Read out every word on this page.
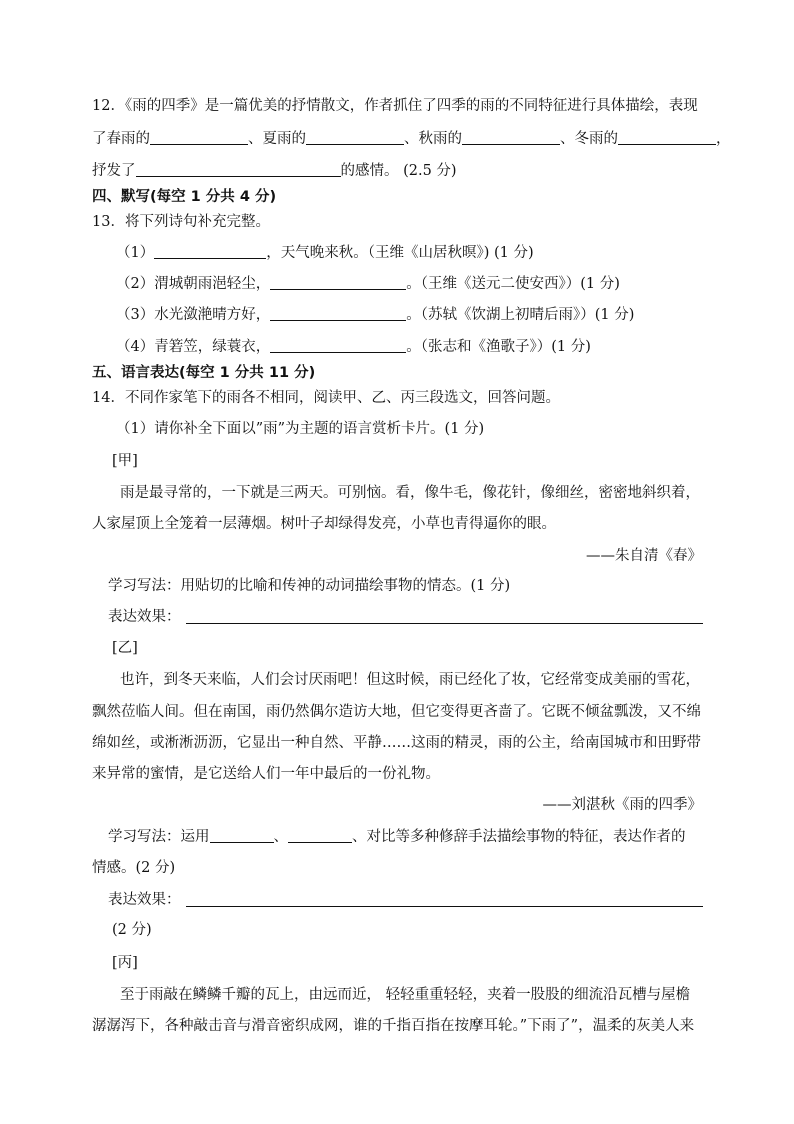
12．《雨的四季》是一篇优美的抒情散文，作者抓住了四季的雨的不同特征进行具体描绘，表现
了春雨的	、夏雨的	、秋雨的	、冬雨的	，
抒发了	的感情。 (2.5 分)
四、默写(每空 1 分共 4 分)
13．将下列诗句补充完整。
（1）	，天气晚来秋。（王维《山居秋暝》) (1 分)
（2）渭城朝雨浥轻尘，	。（王维《送元二使安西》）(1 分)
（3）水光潋滟晴方好，	。（苏轼《饮湖上初晴后雨》）(1 分)
（4）青箬笠，绿蓑衣，	。（张志和《渔歌子》）(1 分)
五、语言表达(每空 1 分共 11 分)
14．不同作家笔下的雨各不相同，阅读甲、乙、丙三段选文，回答问题。
（1）请你补全下面以”雨”为主题的语言赏析卡片。(1 分)
[甲]
雨是最寻常的，一下就是三两天。可别恼。看，像牛毛，像花针，像细丝，密密地斜织着，
人家屋顶上全笼着一层薄烟。树叶子却绿得发亮，小草也青得逼你的眼。
——朱自清《春》
学习写法：用贴切的比喻和传神的动词描绘事物的情态。(1 分)
表达效果：
[乙]
也许，到冬天来临，人们会讨厌雨吧！但这时候，雨已经化了妆，它经常变成美丽的雪花，
飘然莅临人间。但在南国，雨仍然偶尔造访大地，但它变得更吝啬了。它既不倾盆瓢泼，又不绵
绵如丝，或淅淅沥沥，它显出一种自然、平静……这雨的精灵，雨的公主，给南国城市和田野带
来异常的蜜情，是它送给人们一年中最后的一份礼物。
——刘湛秋《雨的四季》
学习写法：运用	、	、对比等多种修辞手法描绘事物的特征，表达作者的
情感。(2 分)
表达效果：
(2 分)
[丙]
至于雨敲在鳞鳞千瓣的瓦上，由远而近， 轻轻重重轻轻，夹着一股股的细流沿瓦槽与屋檐
潺潺泻下，各种敲击音与滑音密织成网，谁的千指百指在按摩耳轮。”下雨了”，温柔的灰美人来
